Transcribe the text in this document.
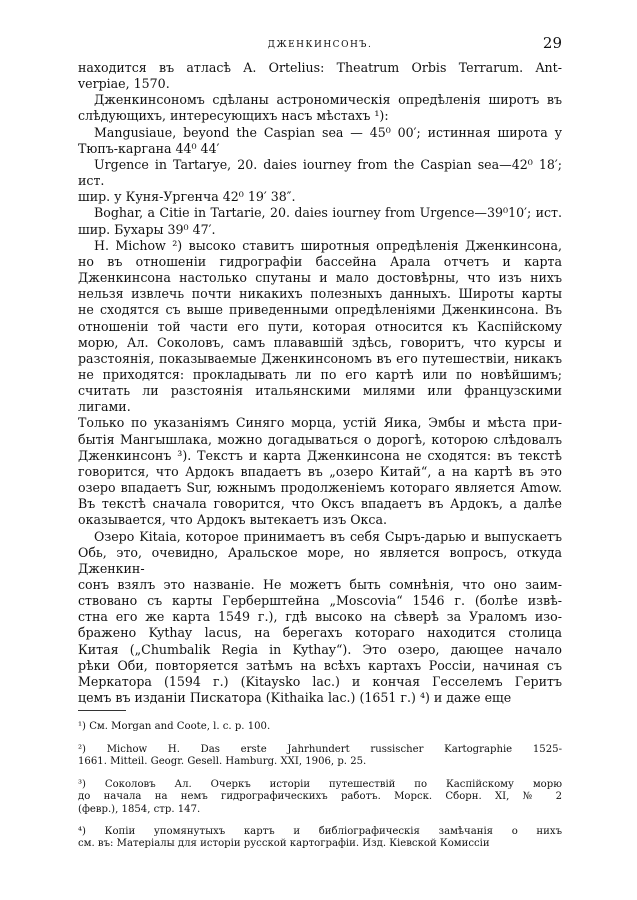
ДЖЕНКИНСОНЪ.	29

находится въ атласѣ A. Ortelius: Theatrum Orbis Terrarum. Ant-
verpiae, 1570.

Дженкинсономъ сдѣланы астрономическія опредѣленія широтъ въ
слѣдующихъ, интересующихъ насъ мѣстахъ ¹):

Mangusiaue, beyond the Caspian sea — 45⁰ 00′; истинная широта у
Тюпъ-каргана 44⁰ 44′

Urgence in Tartarye, 20. daies iourney from the Caspian sea—42⁰ 18′; ист.
шир. у Куня-Ургенча 42⁰ 19′ 38″.

Boghar, a Citie in Tartarie, 20. daies iourney from Urgence—39⁰10′; ист.
шир. Бухары 39⁰ 47′.

H. Michow ²) высоко ставитъ широтныя опредѣленія Дженкинсона,
но въ отношеніи гидрографіи бассейна Арала отчетъ и карта
Дженкинсона настолько спутаны и мало достовѣрны, что изъ нихъ
нельзя извлечь почти никакихъ полезныхъ данныхъ. Широты карты
не сходятся съ выше приведенными опредѣленіями Дженкинсона. Въ
отношеніи той части его пути, которая относится къ Каспійскому
морю, Ал. Соколовъ, самъ плававшій здѣсь, говоритъ, что курсы и
разстоянія, показываемые Дженкинсономъ въ его путешествіи, никакъ
не приходятся: прокладывать ли по его картѣ или по новѣйшимъ;
считать ли разстоянія итальянскими милями или французскими лигами.
Только по указаніямъ Синяго морца, устій Яика, Эмбы и мѣста при-
бытія Мангышлака, можно догадываться о дорогѣ, которою слѣдовалъ
Дженкинсонъ ³). Текстъ и карта Дженкинсона не сходятся: въ текстѣ
говорится, что Ардокъ впадаетъ въ „озеро Китай“, а на картѣ въ это
озеро впадаетъ Sur, южнымъ продолженіемъ котораго является Amow.
Въ текстѣ сначала говорится, что Оксъ впадаетъ въ Ардокъ, а далѣе
оказывается, что Ардокъ вытекаетъ изъ Окса.

Озеро Kitaia, которое принимаетъ въ себя Сыръ-дарью и выпускаетъ
Обь, это, очевидно, Аральское море, но является вопросъ, откуда Дженкин-
сонъ взялъ это названіе. Не можетъ быть сомнѣнія, что оно заим-
ствовано съ карты Герберштейна „Moscovia“ 1546 г. (болѣе извѣ-
стна его же карта 1549 г.), гдѣ высоко на сѣверѣ за Ураломъ изо-
бражено Kythay lacus, на берегахъ котораго находится столица
Китая („Chumbalik Regia in Kythay“). Это озеро, дающее начало
рѣки Оби, повторяется затѣмъ на всѣхъ картахъ Россіи, начиная съ
Меркатора (1594 г.) (Kitaysko lac.) и кончая Гесселемъ Геритъ
цемъ въ изданіи Пискатора (Kithaika lac.) (1651 г.) ⁴) и даже еще

¹) См. Morgan and Coote, l. c. p. 100.

²) Michow H. Das erste Jahrhundert russischer Kartographie 1525-
1661. Mitteil. Geogr. Gesell. Hamburg. XXI, 1906, p. 25.

³) Соколовъ Ал. Очеркъ исторіи путешествій по Каспійскому морю
до начала на немъ гидрографическихъ работъ. Морск. Сборн. XI, № 2
(февр.), 1854, стр. 147.

⁴) Копіи упомянутыхъ картъ и библіографическія замѣчанія о нихъ
см. въ: Матеріалы для исторіи русской картографіи. Изд. Кіевской Комиссіи
